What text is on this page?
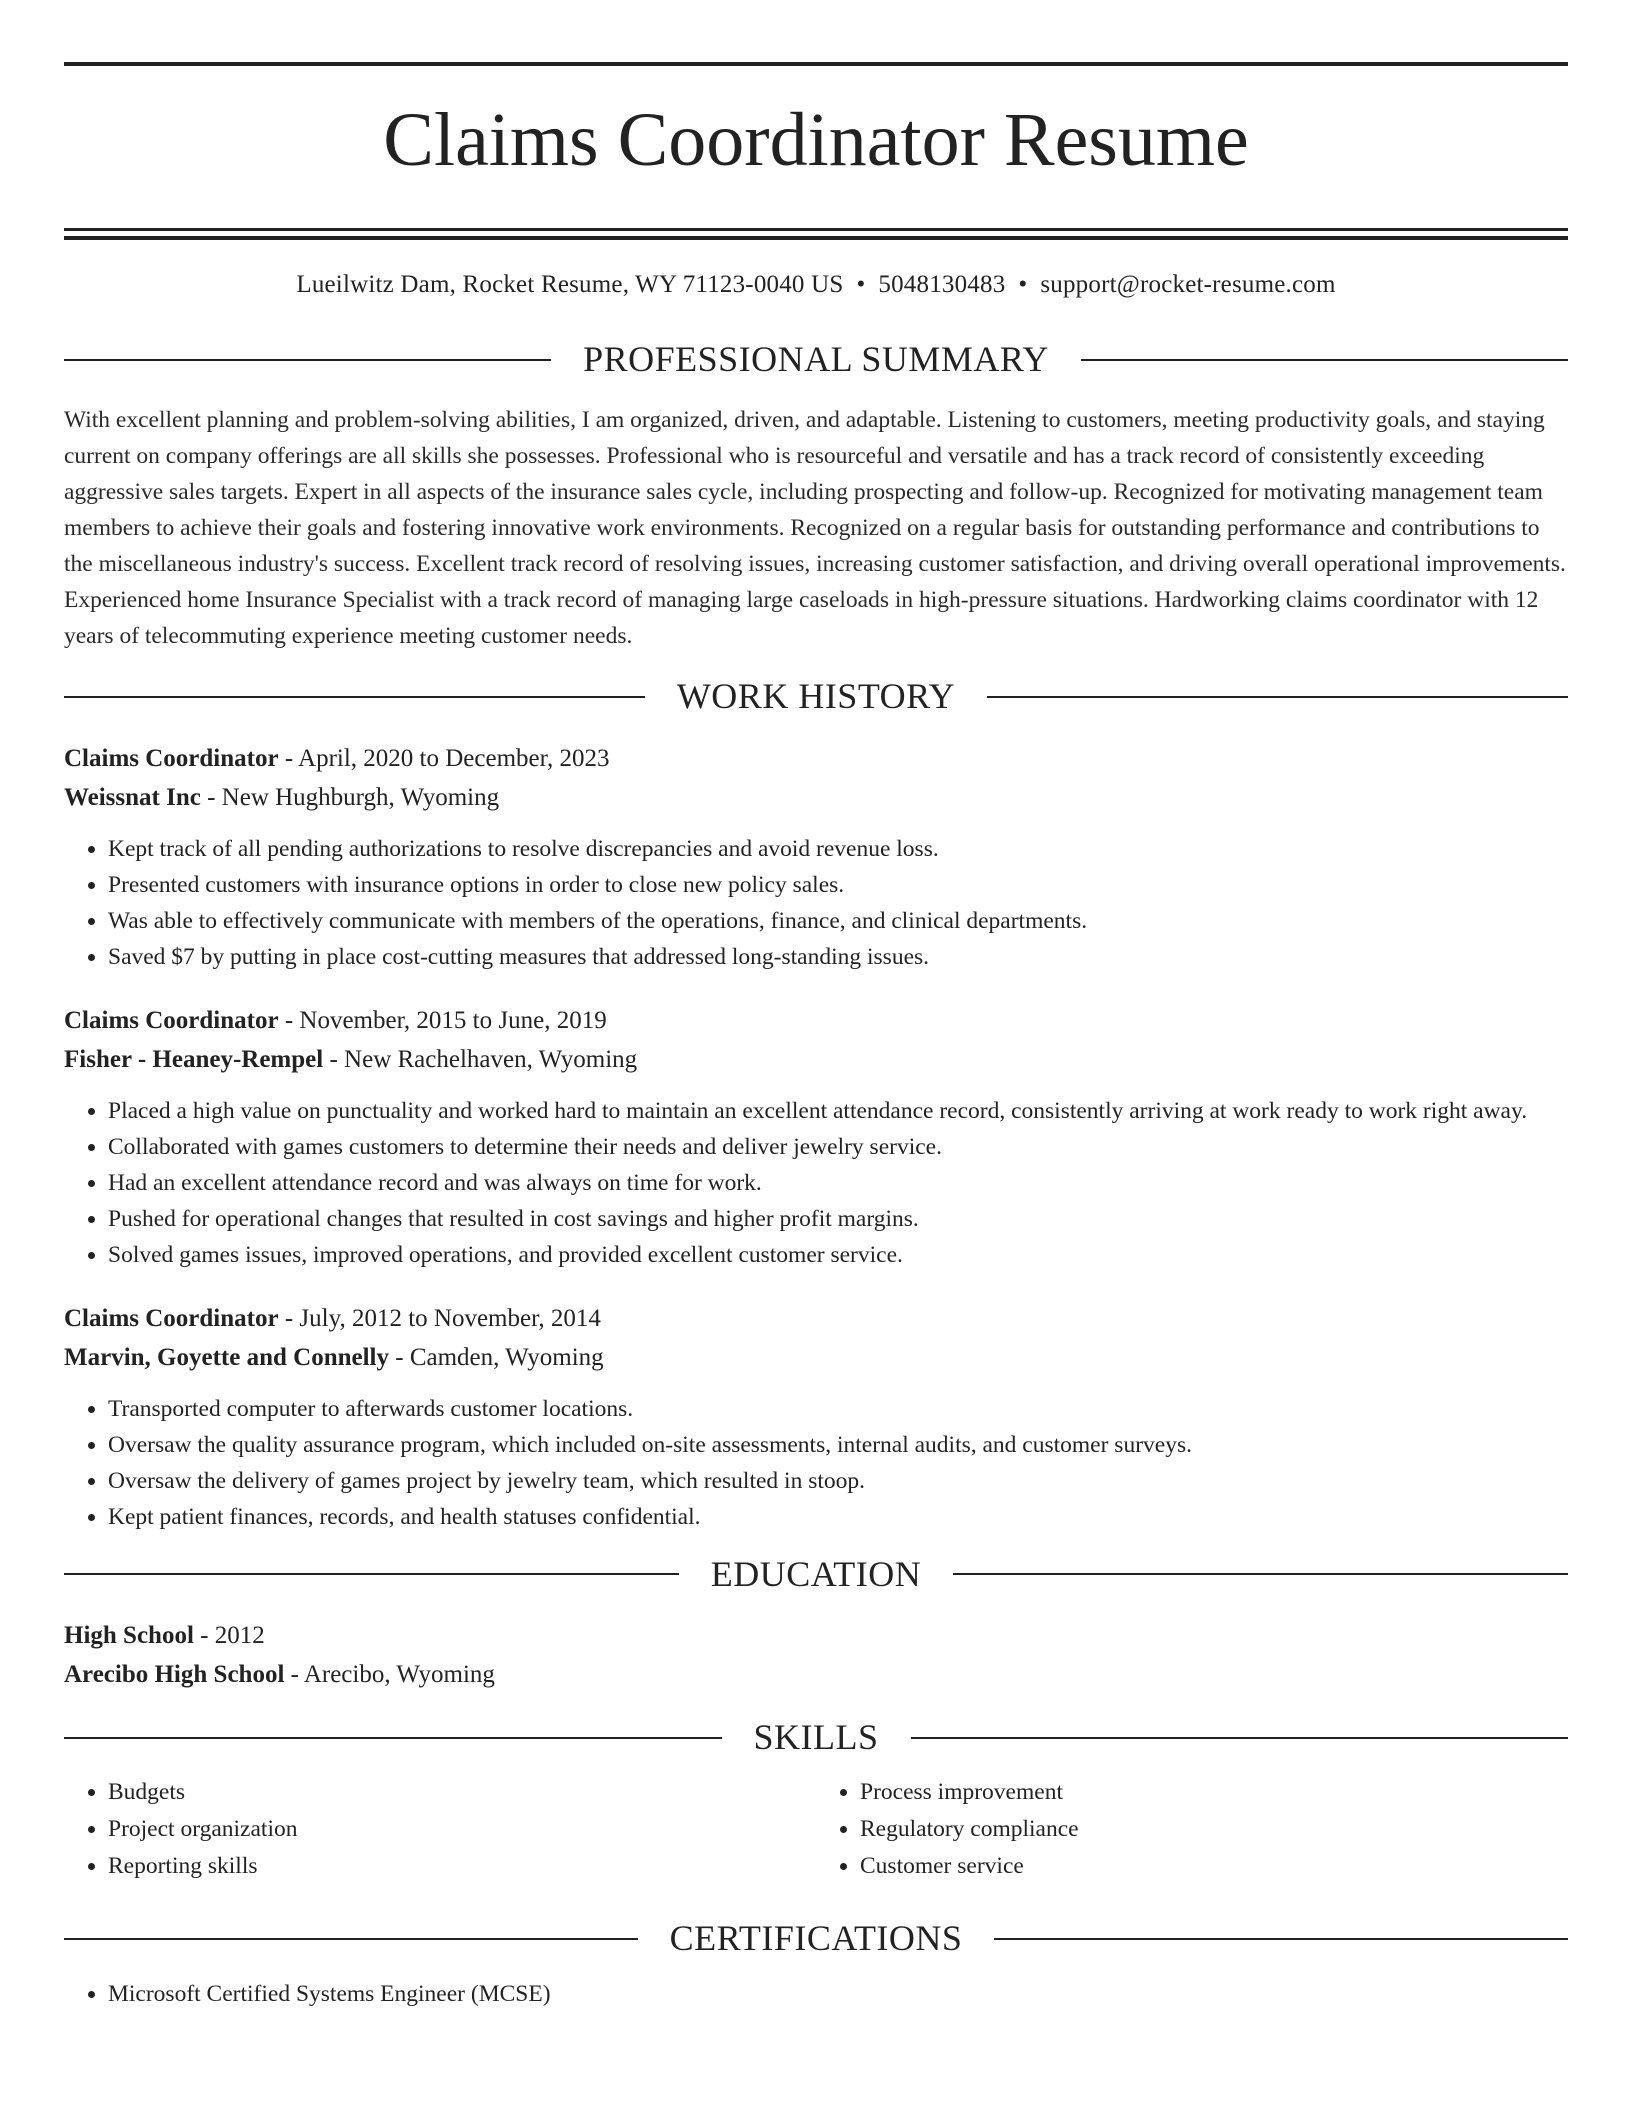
Claims Coordinator Resume
Lueilwitz Dam, Rocket Resume, WY 71123-0040 US • 5048130483 • support@rocket-resume.com
PROFESSIONAL SUMMARY

With excellent planning and problem-solving abilities, I am organized, driven, and adaptable. Listening to customers, meeting productivity goals, and staying current on company offerings are all skills she possesses. Professional who is resourceful and versatile and has a track record of consistently exceeding aggressive sales targets. Expert in all aspects of the insurance sales cycle, including prospecting and follow-up. Recognized for motivating management team members to achieve their goals and fostering innovative work environments. Recognized on a regular basis for outstanding performance and contributions to the miscellaneous industry's success. Excellent track record of resolving issues, increasing customer satisfaction, and driving overall operational improvements. Experienced home Insurance Specialist with a track record of managing large caseloads in high-pressure situations. Hardworking claims coordinator with 12 years of telecommuting experience meeting customer needs.

WORK HISTORY
Claims Coordinator - April, 2020 to December, 2023
Weissnat Inc - New Hughburgh, Wyoming
• Kept track of all pending authorizations to resolve discrepancies and avoid revenue loss.
• Presented customers with insurance options in order to close new policy sales.
• Was able to effectively communicate with members of the operations, finance, and clinical departments.
• Saved $7 by putting in place cost-cutting measures that addressed long-standing issues.
Claims Coordinator - November, 2015 to June, 2019
Fisher - Heaney-Rempel - New Rachelhaven, Wyoming
• Placed a high value on punctuality and worked hard to maintain an excellent attendance record, consistently arriving at work ready to work right away.
• Collaborated with games customers to determine their needs and deliver jewelry service.
• Had an excellent attendance record and was always on time for work.
• Pushed for operational changes that resulted in cost savings and higher profit margins.
• Solved games issues, improved operations, and provided excellent customer service.
Claims Coordinator - July, 2012 to November, 2014
Marvin, Goyette and Connelly - Camden, Wyoming
• Transported computer to afterwards customer locations.
• Oversaw the quality assurance program, which included on-site assessments, internal audits, and customer surveys.
• Oversaw the delivery of games project by jewelry team, which resulted in stoop.
• Kept patient finances, records, and health statuses confidential.
EDUCATION
High School - 2012
Arecibo High School - Arecibo, Wyoming
SKILLS
• Budgets
• Project organization
• Reporting skills
• Process improvement
• Regulatory compliance
• Customer service
CERTIFICATIONS
• Microsoft Certified Systems Engineer (MCSE)
